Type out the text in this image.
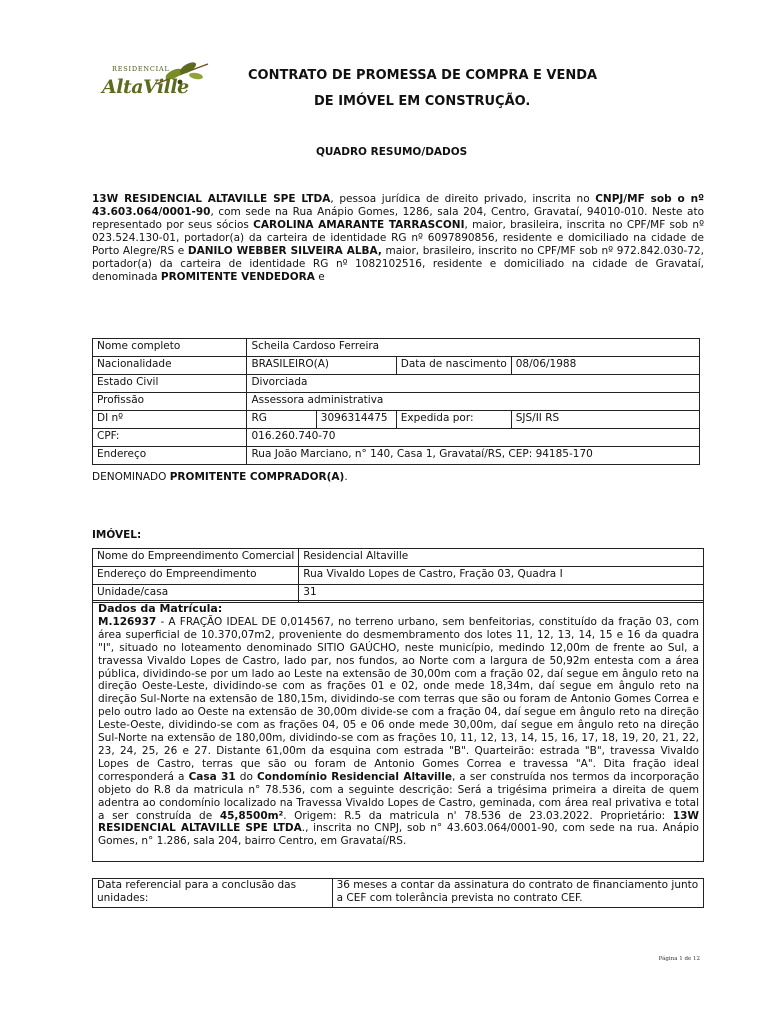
RESIDENCIAL
AltaVille
CONTRATO DE PROMESSA DE COMPRA E VENDA
DE IMÓVEL EM CONSTRUÇÃO.
QUADRO RESUMO/DADOS
13W RESIDENCIAL ALTAVILLE SPE LTDA, pessoa jurídica de direito privado, inscrita no CNPJ/MF sob o nº 43.603.064/0001-90, com sede na Rua Anápio Gomes, 1286, sala 204, Centro, Gravataí, 94010-010. Neste ato representado por seus sócios CAROLINA AMARANTE TARRASCONI, maior, brasileira, inscrita no CPF/MF sob nº 023.524.130-01, portador(a) da carteira de identidade RG nº 6097890856, residente e domiciliado na cidade de Porto Alegre/RS e DANILO WEBBER SILVEIRA ALBA, maior, brasileiro, inscrito no CPF/MF sob nº 972.842.030-72, portador(a) da carteira de identidade RG nº 1082102516, residente e domiciliado na cidade de Gravataí, denominada PROMITENTE VENDEDORA e
Nome completo	Scheila Cardoso Ferreira			
Nacionalidade	BRASILEIRO(A)		Data de nascimento	08/06/1988
Estado Civil	Divorciada			
Profissão	Assessora administrativa			
DI nº	RG	3096314475	Expedida por:	SJS/II RS
CPF:	016.260.740-70			
Endereço	Rua João Marciano, n° 140, Casa 1, Gravataí/RS, CEP: 94185-170			
DENOMINADO PROMITENTE COMPRADOR(A).
IMÓVEL:
Nome do Empreendimento Comercial	Residencial Altaville
Endereço do Empreendimento	Rua Vivaldo Lopes de Castro, Fração 03, Quadra I
Unidade/casa	31
Dados da Matrícula:
M.126937 - A FRAÇÃO IDEAL DE 0,014567, no terreno urbano, sem benfeitorias, constituído da fração 03, com área superficial de 10.370,07m2, proveniente do desmembramento dos lotes 11, 12, 13, 14, 15 e 16 da quadra "I", situado no loteamento denominado SITIO GAÚCHO, neste município, medindo 12,00m de frente ao Sul, a travessa Vivaldo Lopes de Castro, lado par, nos fundos, ao Norte com a largura de 50,92m entesta com a área pública, dividindo-se por um lado ao Leste na extensão de 30,00m com a fração 02, daí segue em ângulo reto na direção Oeste-Leste, dividindo-se com as frações 01 e 02, onde mede 18,34m, daí segue em ângulo reto na direção Sul-Norte na extensão de 180,15m, dividindo-se com terras que são ou foram de Antonio Gomes Correa e pelo outro lado ao Oeste na extensão de 30,00m divide-se com a fração 04, daí segue em ângulo reto na direção Leste-Oeste, dividindo-se com as frações 04, 05 e 06 onde mede 30,00m, daí segue em ângulo reto na direção Sul-Norte na extensão de 180,00m, dividindo-se com as frações 10, 11, 12, 13, 14, 15, 16, 17, 18, 19, 20, 21, 22, 23, 24, 25, 26 e 27. Distante 61,00m da esquina com estrada "B". Quarteirão: estrada "B", travessa Vivaldo Lopes de Castro, terras que são ou foram de Antonio Gomes Correa e travessa "A". Dita fração ideal corresponderá a Casa 31 do Condomínio Residencial Altaville, a ser construída nos termos da incorporação objeto do R.8 da matricula n° 78.536, com a seguinte descrição: Será a trigésima primeira a direita de quem adentra ao condomínio localizado na Travessa Vivaldo Lopes de Castro, geminada, com área real privativa e total a ser construída de 45,8500m². Origem: R.5 da matricula n' 78.536 de 23.03.2022. Proprietário: 13W RESIDENCIAL ALTAVILLE SPE LTDA., inscrita no CNPJ, sob n° 43.603.064/0001-90, com sede na rua. Anápio Gomes, n° 1.286, sala 204, bairro Centro, em Gravataí/RS.
Data referencial para a conclusão das unidades:	36 meses a contar da assinatura do contrato de financiamento junto a CEF com tolerância prevista no contrato CEF.
Página 1 de 12
